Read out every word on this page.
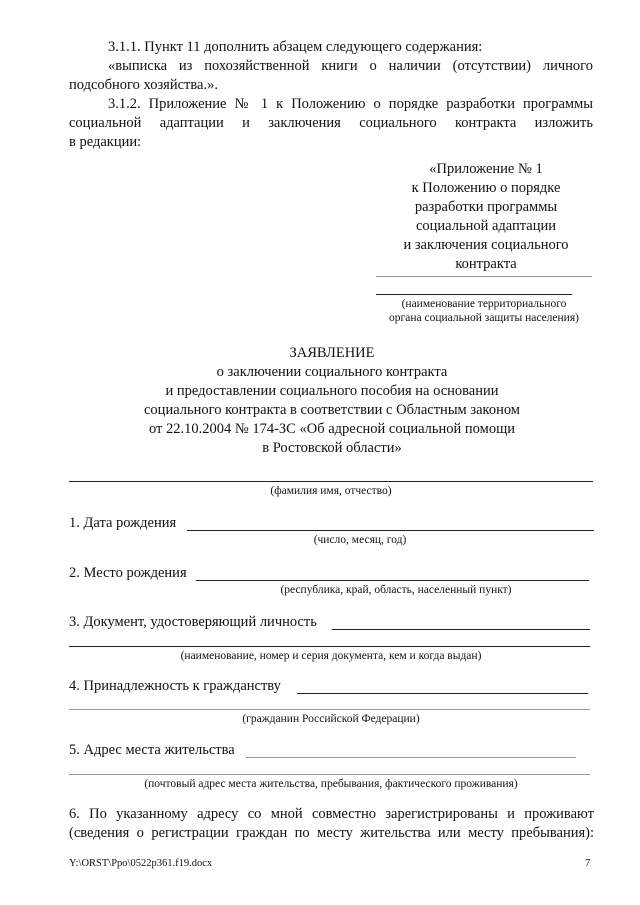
3.1.1. Пункт 11 дополнить абзацем следующего содержания:
«выписка из похозяйственной книги о наличии (отсутствии) личного
подсобного хозяйства.».
3.1.2. Приложение № 1 к Положению о порядке разработки программы
социальной адаптации и заключения социального контракта изложить
в редакции:
«Приложение № 1
к Положению о порядке
разработки программы
социальной адаптации
и заключения социального
контракта
(наименование территориального
органа социальной защиты населения)
ЗАЯВЛЕНИЕ
о заключении социального контракта
и предоставлении социального пособия на основании
социального контракта в соответствии с Областным законом
от 22.10.2004 № 174-ЗС «Об адресной социальной помощи
в Ростовской области»
(фамилия имя, отчество)
1. Дата рождения
(число, месяц, год)
2. Место рождения
(республика, край, область, населенный пункт)
3. Документ, удостоверяющий личность
(наименование, номер и серия документа, кем и когда выдан)
4. Принадлежность к гражданству
(гражданин Российской Федерации)
5. Адрес места жительства
(почтовый адрес места жительства, пребывания, фактического проживания)
6. По указанному адресу со мной совместно зарегистрированы и проживают
(сведения о регистрации граждан по месту жительства или месту пребывания):
Y:\ORST\Ppo\0522p361.f19.docx	7
